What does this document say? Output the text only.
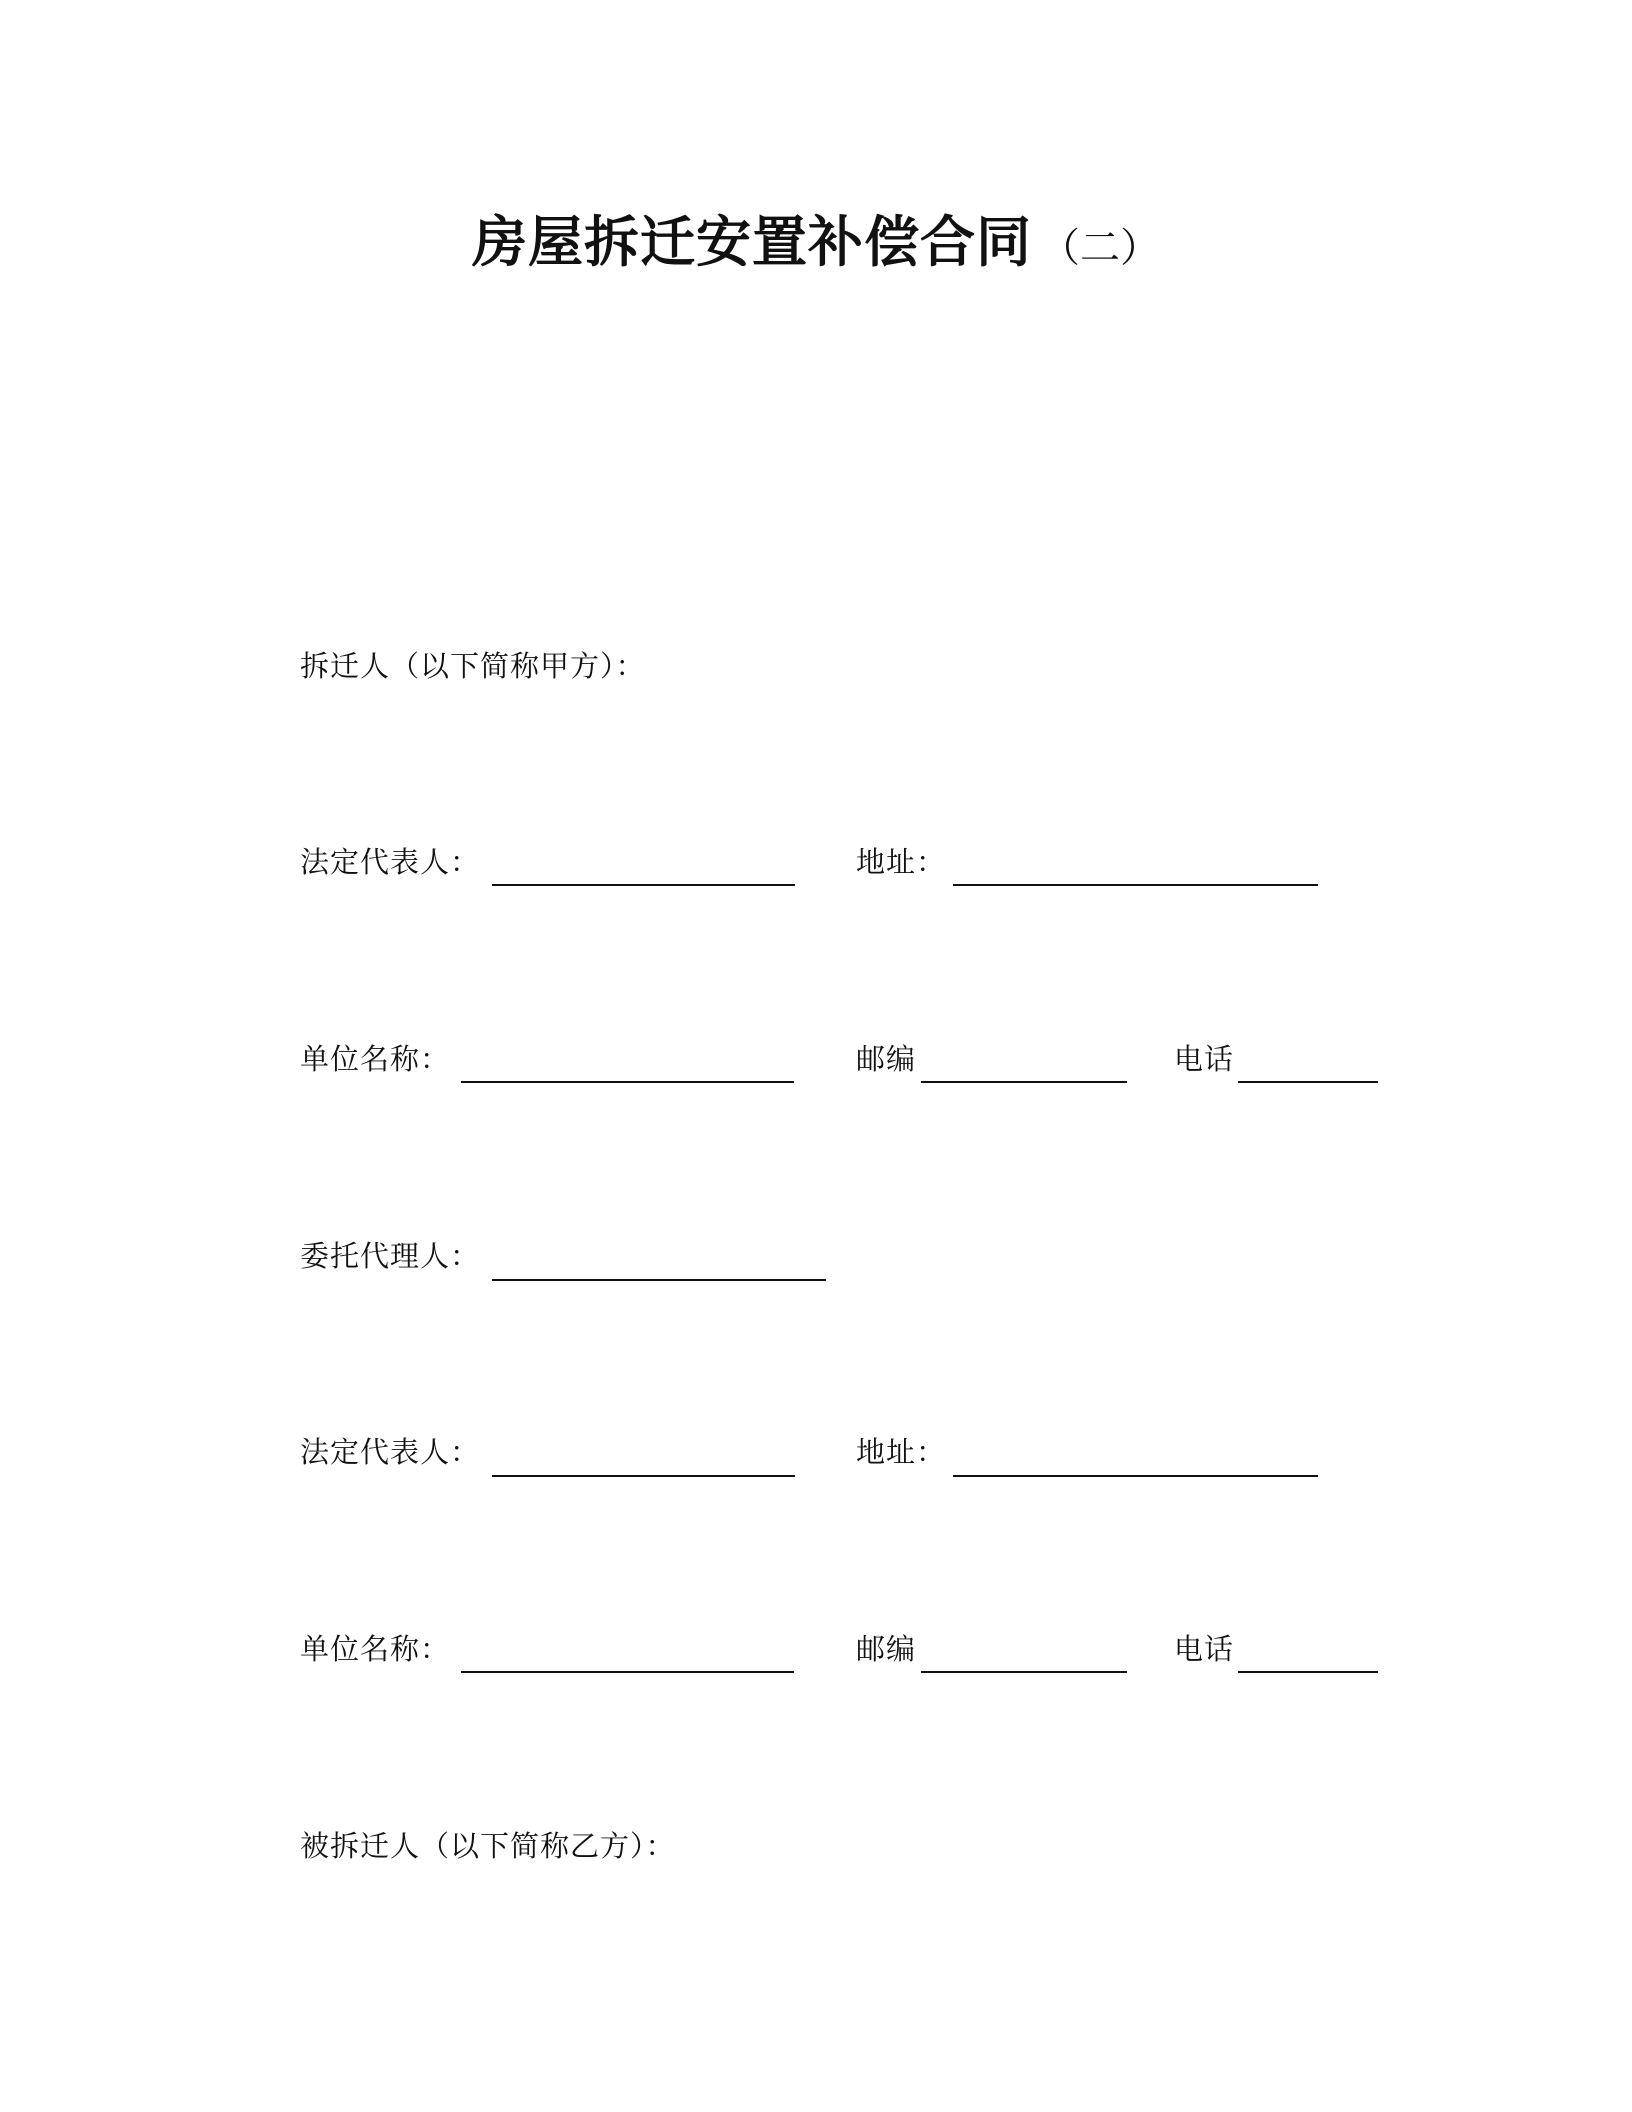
房屋拆迁安置补偿合同 （二）
拆迁人（以下简称甲方）：
法定代表人：	地址：
单位名称：	邮编	电话
委托代理人：
法定代表人：	地址：
单位名称：	邮编	电话
被拆迁人（以下简称乙方）：
